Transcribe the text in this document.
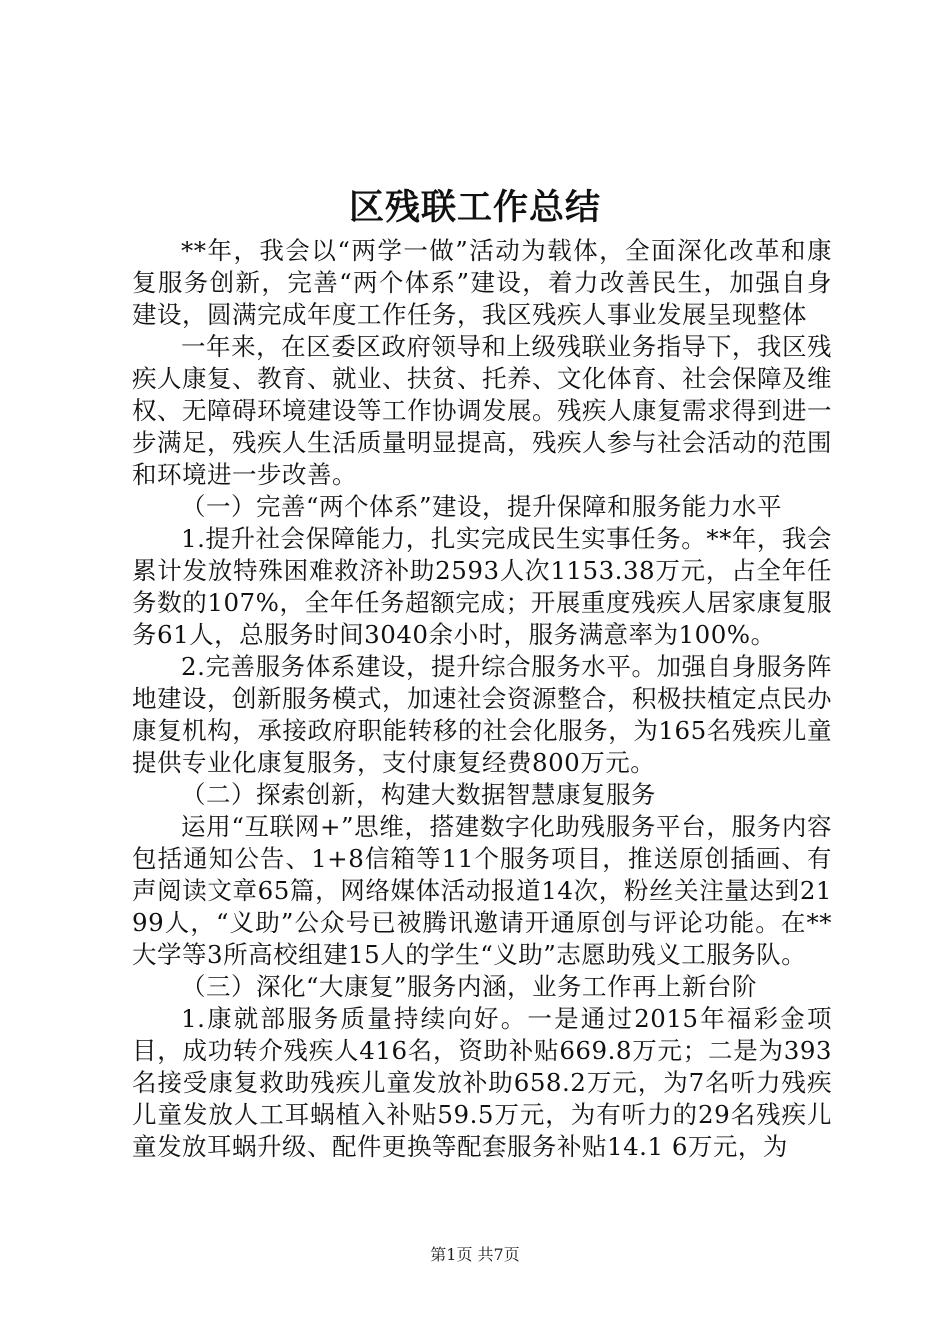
区残联工作总结

**年，我会以“两学一做”活动为载体，全面深化改革和康复服务创新，完善“两个体系”建设，着力改善民生，加强自身建设，圆满完成年度工作任务，我区残疾人事业发展呈现整体

一年来，在区委区政府领导和上级残联业务指导下，我区残疾人康复、教育、就业、扶贫、托养、文化体育、社会保障及维权、无障碍环境建设等工作协调发展。残疾人康复需求得到进一步满足，残疾人生活质量明显提高，残疾人参与社会活动的范围和环境进一步改善。

（一）完善“两个体系”建设，提升保障和服务能力水平

1.提升社会保障能力，扎实完成民生实事任务。**年，我会累计发放特殊困难救济补助2593人次1153.38万元，占全年任务数的107%，全年任务超额完成；开展重度残疾人居家康复服务61人，总服务时间3040余小时，服务满意率为100%。

2.完善服务体系建设，提升综合服务水平。加强自身服务阵地建设，创新服务模式，加速社会资源整合，积极扶植定点民办康复机构，承接政府职能转移的社会化服务，为165名残疾儿童提供专业化康复服务，支付康复经费800万元。

（二）探索创新，构建大数据智慧康复服务

运用“互联网+”思维，搭建数字化助残服务平台，服务内容包括通知公告、1+8信箱等11个服务项目，推送原创插画、有声阅读文章65篇，网络媒体活动报道14次，粉丝关注量达到2199人，“义助”公众号已被腾讯邀请开通原创与评论功能。在**大学等3所高校组建15人的学生“义助”志愿助残义工服务队。

（三）深化“大康复”服务内涵，业务工作再上新台阶

1.康就部服务质量持续向好。一是通过2015年福彩金项目，成功转介残疾人416名，资助补贴669.8万元；二是为393名接受康复救助残疾儿童发放补助658.2万元，为7名听力残疾儿童发放人工耳蜗植入补贴59.5万元，为有听力的29名残疾儿童发放耳蜗升级、配件更换等配套服务补贴14.1 6万元，为

第1页 共7页
